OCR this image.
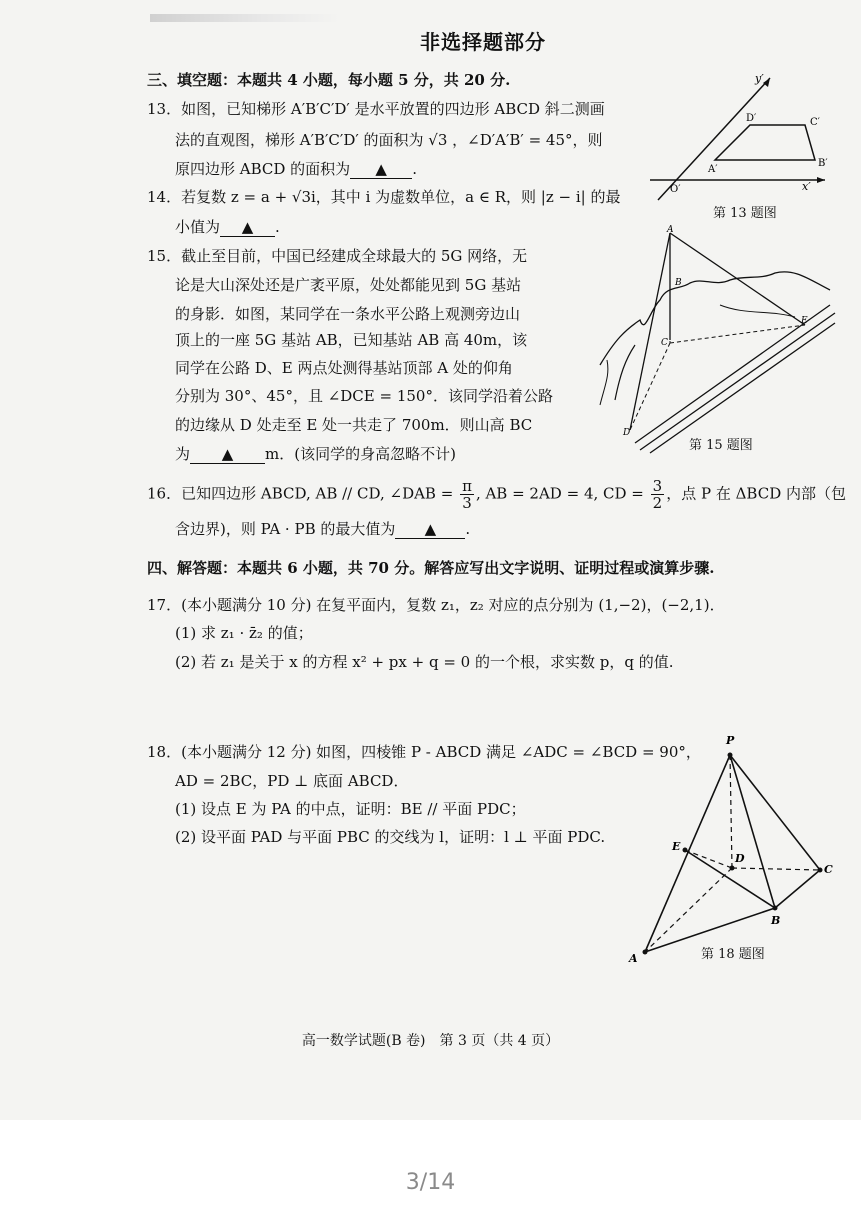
非选择题部分
三、填空题：本题共 4 小题，每小题 5 分，共 20 分.
13．如图，已知梯形 A′B′C′D′ 是水平放置的四边形 ABCD 斜二测画
法的直观图，梯形 A′B′C′D′ 的面积为 √3 ，∠D′A′B′ = 45°，则
原四边形 ABCD 的面积为 ▲ .
14．若复数 z = a + √3i，其中 i 为虚数单位，a ∈ R，则 |z − i| 的最
小值为 ▲ .
15．截止至目前，中国已经建成全球最大的 5G 网络，无
论是大山深处还是广袤平原，处处都能见到 5G 基站
的身影．如图，某同学在一条水平公路上观测旁边山
顶上的一座 5G 基站 AB，已知基站 AB 高 40m，该
同学在公路 D、E 两点处测得基站顶部 A 处的仰角
分别为 30°、45°，且 ∠DCE = 150°．该同学沿着公路
的边缘从 D 处走至 E 处一共走了 700m．则山高 BC
为 ▲ m．(该同学的身高忽略不计)
16．已知四边形 ABCD, AB // CD, ∠DAB = $\frac{\pi}{3}$ , AB = 2AD = 4, CD = $\frac{3}{2}$ ，点 P 在 ΔBCD 内部（包
含边界)，则 PA · PB 的最大值为 ▲ .
四、解答题：本题共 6 小题，共 70 分。解答应写出文字说明、证明过程或演算步骤.
17．(本小题满分 10 分) 在复平面内，复数 z₁，z₂ 对应的点分别为 (1,−2)，(−2,1)．
(1) 求 z₁ · z̄₂ 的值；
(2) 若 z₁ 是关于 x 的方程 x² + px + q = 0 的一个根，求实数 p，q 的值.
18．(本小题满分 12 分) 如图，四棱锥 P - ABCD 满足 ∠ADC = ∠BCD = 90°，
AD = 2BC，PD ⊥ 底面 ABCD．
(1) 设点 E 为 PA 的中点，证明：BE // 平面 PDC；
(2) 设平面 PAD 与平面 PBC 的交线为 l，证明：l ⊥ 平面 PDC.
y′
x′
O′
A′
B′
C′
D′
第 13 题图
A
B
C
D
E
第 15 题图
P
A
B
C
D
E
第 18 题图
高一数学试题(B 卷)　第 3 页（共 4 页）
3/14
